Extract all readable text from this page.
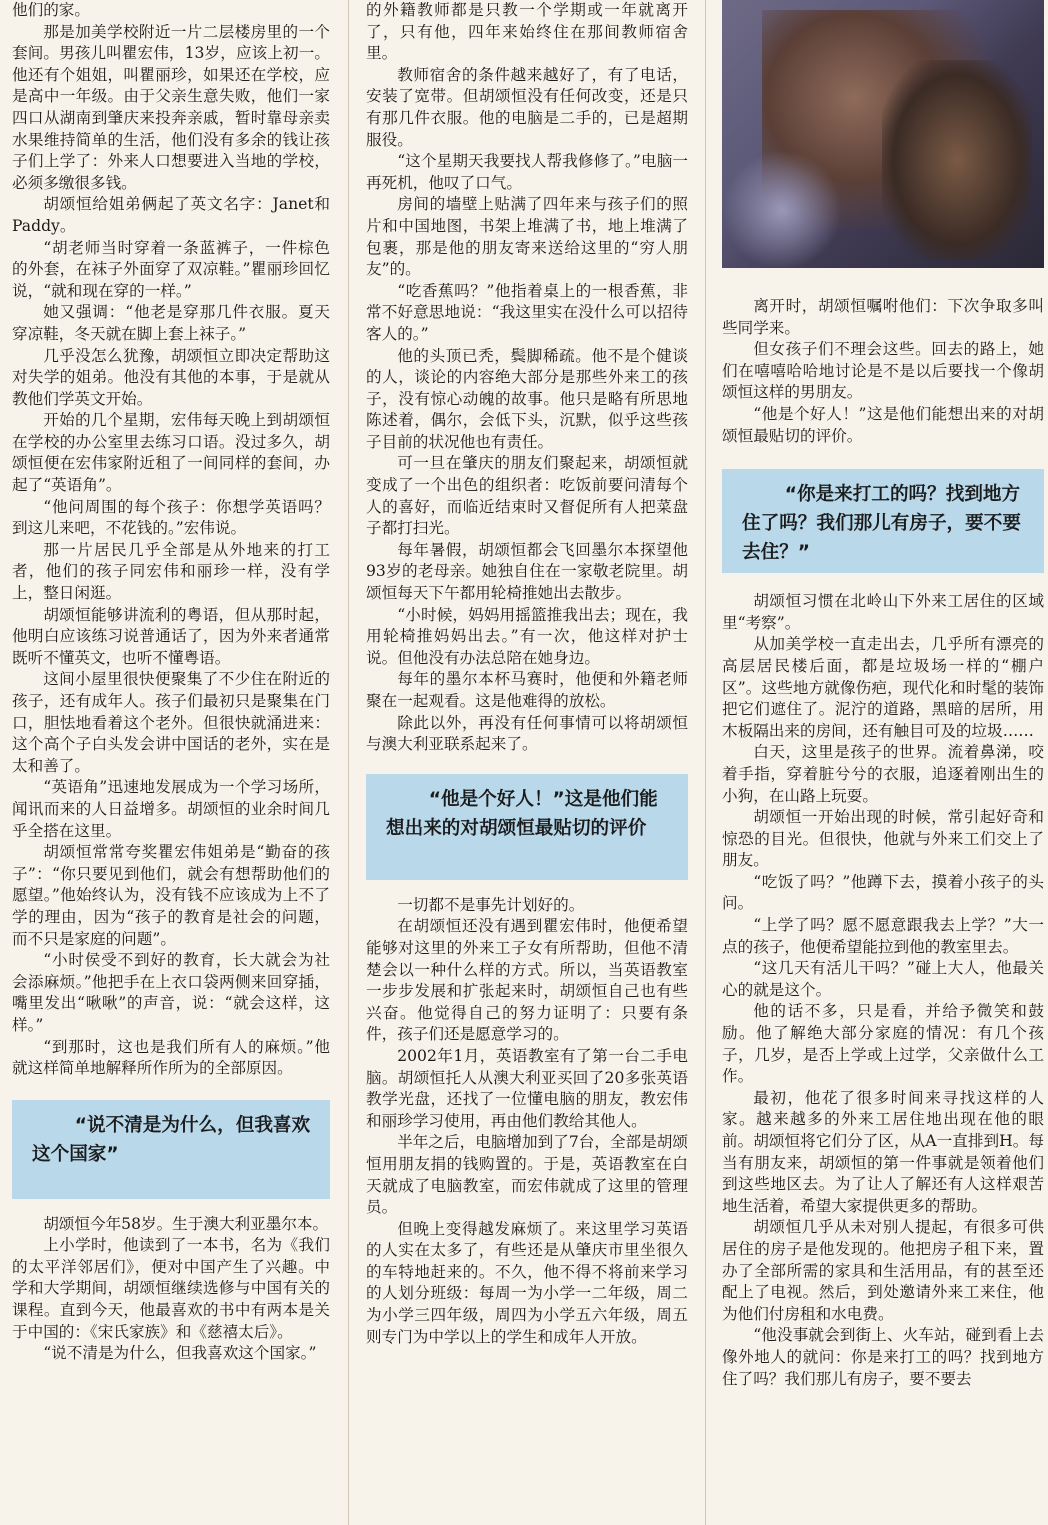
他们的家。

那是加美学校附近一片二层楼房里的一个套间。男孩儿叫瞿宏伟，13岁，应该上初一。他还有个姐姐，叫瞿丽珍，如果还在学校，应是高中一年级。由于父亲生意失败，他们一家四口从湖南到肇庆来投奔亲戚，暂时靠母亲卖水果维持简单的生活，他们没有多余的钱让孩子们上学了：外来人口想要进入当地的学校，必须多缴很多钱。

胡颂恒给姐弟俩起了英文名字：Janet和Paddy。

“胡老师当时穿着一条蓝裤子，一件棕色的外套，在袜子外面穿了双凉鞋。”瞿丽珍回忆说，“就和现在穿的一样。”

她又强调：“他老是穿那几件衣服。夏天穿凉鞋，冬天就在脚上套上袜子。”

几乎没怎么犹豫，胡颂恒立即决定帮助这对失学的姐弟。他没有其他的本事，于是就从教他们学英文开始。

开始的几个星期，宏伟每天晚上到胡颂恒在学校的办公室里去练习口语。没过多久，胡颂恒便在宏伟家附近租了一间同样的套间，办起了“英语角”。

“他问周围的每个孩子：你想学英语吗？到这儿来吧，不花钱的。”宏伟说。

那一片居民几乎全部是从外地来的打工者，他们的孩子同宏伟和丽珍一样，没有学上，整日闲逛。

胡颂恒能够讲流利的粤语，但从那时起，他明白应该练习说普通话了，因为外来者通常既听不懂英文，也听不懂粤语。

这间小屋里很快便聚集了不少住在附近的孩子，还有成年人。孩子们最初只是聚集在门口，胆怯地看着这个老外。但很快就涌进来：这个高个子白头发会讲中国话的老外，实在是太和善了。

“英语角”迅速地发展成为一个学习场所，闻讯而来的人日益增多。胡颂恒的业余时间几乎全搭在这里。

胡颂恒常常夸奖瞿宏伟姐弟是“勤奋的孩子”：“你只要见到他们，就会有想帮助他们的愿望。”他始终认为，没有钱不应该成为上不了学的理由，因为“孩子的教育是社会的问题，而不只是家庭的问题”。

“小时侯受不到好的教育，长大就会为社会添麻烦。”他把手在上衣口袋两侧来回穿插，嘴里发出“啾啾”的声音，说：“就会这样，这样。”

“到那时，这也是我们所有人的麻烦。”他就这样简单地解释所作所为的全部原因。

“说不清是为什么，但我喜欢这个国家”

胡颂恒今年58岁。生于澳大利亚墨尔本。

上小学时，他读到了一本书，名为《我们的太平洋邻居们》，便对中国产生了兴趣。中学和大学期间，胡颂恒继续选修与中国有关的课程。直到今天，他最喜欢的书中有两本是关于中国的：《宋氏家族》和《慈禧太后》。

“说不清是为什么，但我喜欢这个国家。”

的外籍教师都是只教一个学期或一年就离开了，只有他，四年来始终住在那间教师宿舍里。

教师宿舍的条件越来越好了，有了电话，安装了宽带。但胡颂恒没有任何改变，还是只有那几件衣服。他的电脑是二手的，已是超期服役。

“这个星期天我要找人帮我修修了。”电脑一再死机，他叹了口气。

房间的墙壁上贴满了四年来与孩子们的照片和中国地图，书架上堆满了书，地上堆满了包裹，那是他的朋友寄来送给这里的“穷人朋友”的。

“吃香蕉吗？”他指着桌上的一根香蕉，非常不好意思地说：“我这里实在没什么可以招待客人的。”

他的头顶已秃，鬓脚稀疏。他不是个健谈的人，谈论的内容绝大部分是那些外来工的孩子，没有惊心动魄的故事。他只是略有所思地陈述着，偶尔，会低下头，沉默，似乎这些孩子目前的状况他也有责任。

可一旦在肇庆的朋友们聚起来，胡颂恒就变成了一个出色的组织者：吃饭前要问清每个人的喜好，而临近结束时又督促所有人把菜盘子都打扫光。

每年暑假，胡颂恒都会飞回墨尔本探望他93岁的老母亲。她独自住在一家敬老院里。胡颂恒每天下午都用轮椅推她出去散步。

“小时候，妈妈用摇篮推我出去；现在，我用轮椅推妈妈出去。”有一次，他这样对护士说。但他没有办法总陪在她身边。

每年的墨尔本杯马赛时，他便和外籍老师聚在一起观看。这是他难得的放松。

除此以外，再没有任何事情可以将胡颂恒与澳大利亚联系起来了。

“他是个好人！”这是他们能想出来的对胡颂恒最贴切的评价

一切都不是事先计划好的。

在胡颂恒还没有遇到瞿宏伟时，他便希望能够对这里的外来工子女有所帮助，但他不清楚会以一种什么样的方式。所以，当英语教室一步步发展和扩张起来时，胡颂恒自己也有些兴奋。他觉得自己的努力证明了：只要有条件，孩子们还是愿意学习的。

2002年1月，英语教室有了第一台二手电脑。胡颂恒托人从澳大利亚买回了20多张英语教学光盘，还找了一位懂电脑的朋友，教宏伟和丽珍学习使用，再由他们教给其他人。

半年之后，电脑增加到了7台，全部是胡颂恒用朋友捐的钱购置的。于是，英语教室在白天就成了电脑教室，而宏伟就成了这里的管理员。

但晚上变得越发麻烦了。来这里学习英语的人实在太多了，有些还是从肇庆市里坐很久的车特地赶来的。不久，他不得不将前来学习的人划分班级：每周一为小学一二年级，周二为小学三四年级，周四为小学五六年级，周五则专门为中学以上的学生和成年人开放。

离开时，胡颂恒嘱咐他们：下次争取多叫些同学来。

但女孩子们不理会这些。回去的路上，她们在嘻嘻哈哈地讨论是不是以后要找一个像胡颂恒这样的男朋友。

“他是个好人！”这是他们能想出来的对胡颂恒最贴切的评价。

“你是来打工的吗？找到地方住了吗？我们那儿有房子，要不要去住？”

胡颂恒习惯在北岭山下外来工居住的区域里“考察”。

从加美学校一直走出去，几乎所有漂亮的高层居民楼后面，都是垃圾场一样的“棚户区”。这些地方就像伤疤，现代化和时髦的装饰把它们遮住了。泥泞的道路，黑暗的居所，用木板隔出来的房间，还有触目可及的垃圾……

白天，这里是孩子的世界。流着鼻涕，咬着手指，穿着脏兮兮的衣服，追逐着刚出生的小狗，在山路上玩耍。

胡颂恒一开始出现的时候，常引起好奇和惊恐的目光。但很快，他就与外来工们交上了朋友。

“吃饭了吗？”他蹲下去，摸着小孩子的头问。

“上学了吗？愿不愿意跟我去上学？”大一点的孩子，他便希望能拉到他的教室里去。

“这几天有活儿干吗？”碰上大人，他最关心的就是这个。

他的话不多，只是看，并给予微笑和鼓励。他了解绝大部分家庭的情况：有几个孩子，几岁，是否上学或上过学，父亲做什么工作。

最初，他花了很多时间来寻找这样的人家。越来越多的外来工居住地出现在他的眼前。胡颂恒将它们分了区，从A一直排到H。每当有朋友来，胡颂恒的第一件事就是领着他们到这些地区去。为了让人了解还有人这样艰苦地生活着，希望大家提供更多的帮助。

胡颂恒几乎从未对别人提起，有很多可供居住的房子是他发现的。他把房子租下来，置办了全部所需的家具和生活用品，有的甚至还配上了电视。然后，到处邀请外来工来住，他为他们付房租和水电费。

“他没事就会到街上、火车站，碰到看上去像外地人的就问：你是来打工的吗？找到地方住了吗？我们那儿有房子，要不要去
